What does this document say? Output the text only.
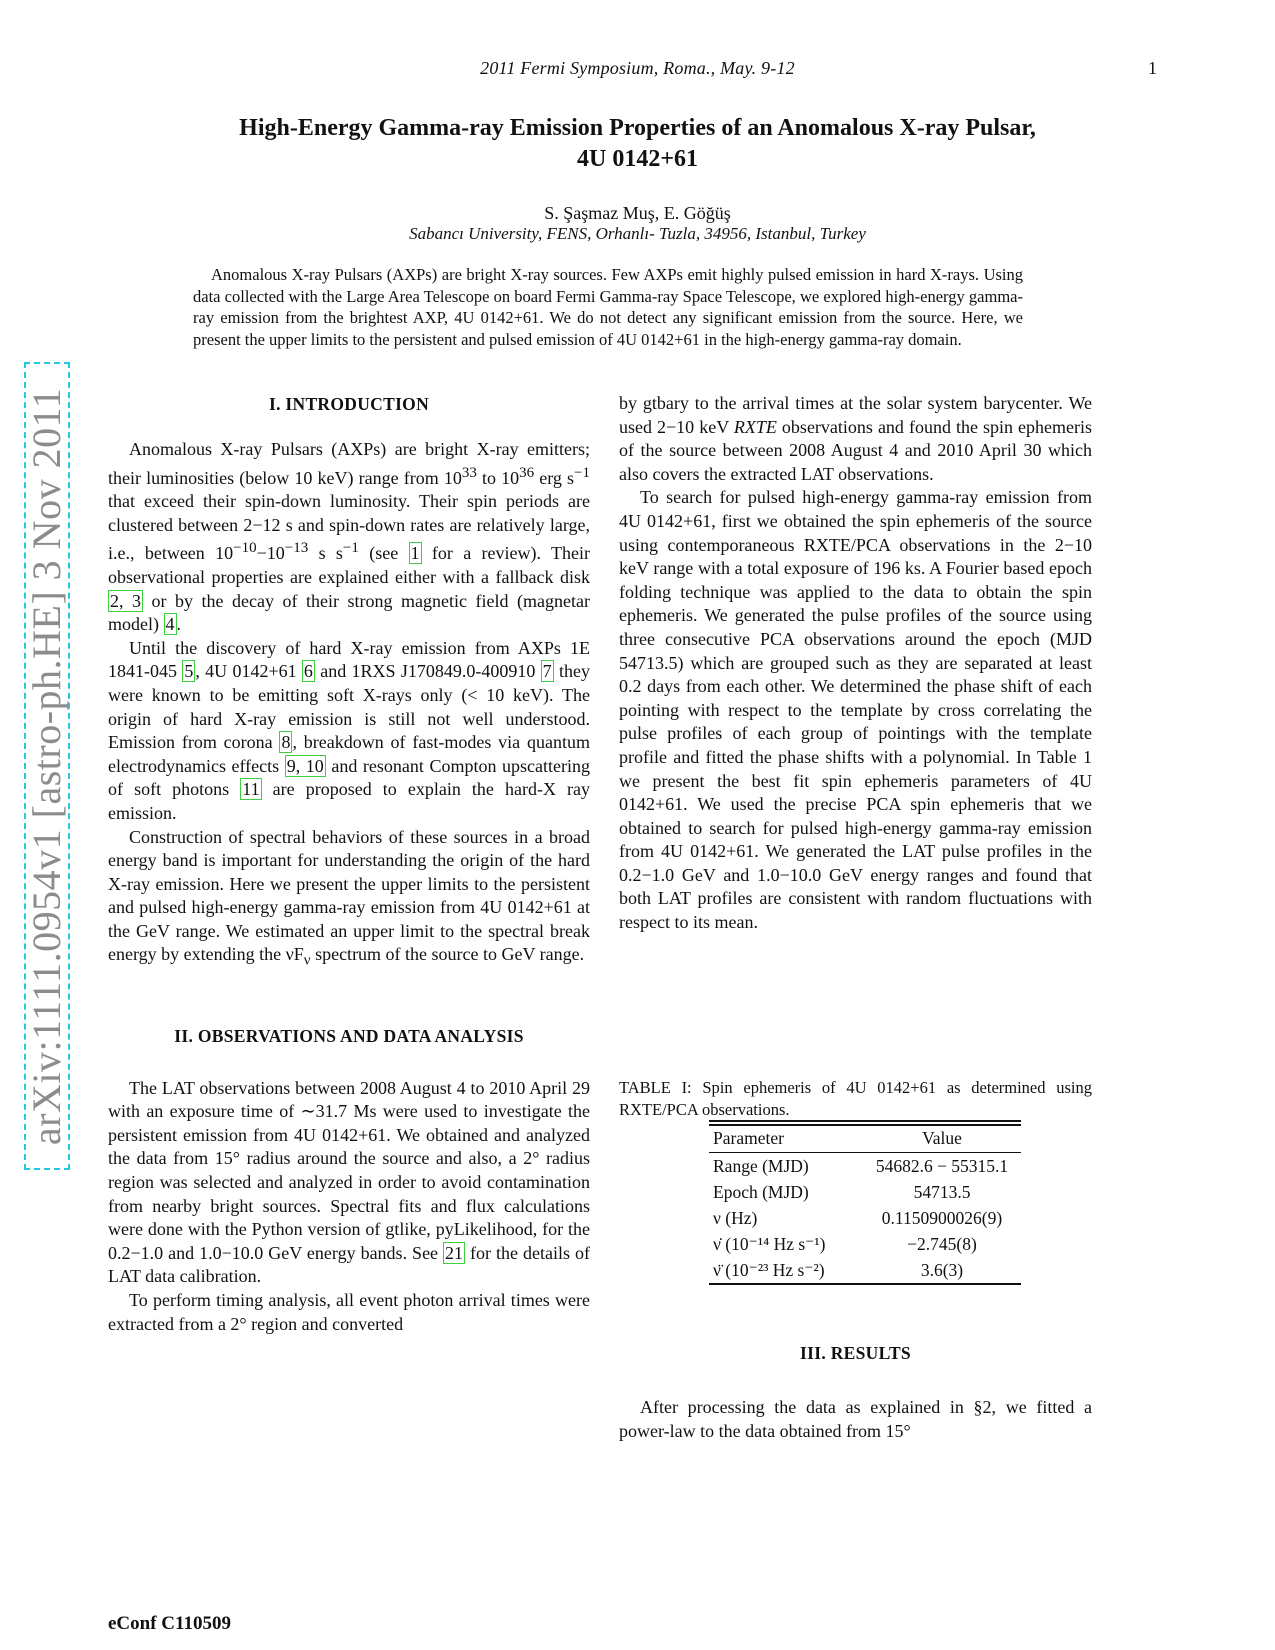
2011 Fermi Symposium, Roma., May. 9-12	1
arXiv:1111.0954v1 [astro-ph.HE] 3 Nov 2011
High-Energy Gamma-ray Emission Properties of an Anomalous X-ray Pulsar,
4U 0142+61
S. Şaşmaz Muş, E. Göğüş
Sabancı University, FENS, Orhanlı- Tuzla, 34956, Istanbul, Turkey
Anomalous X-ray Pulsars (AXPs) are bright X-ray sources. Few AXPs emit highly pulsed emission in hard X-rays. Using data collected with the Large Area Telescope on board Fermi Gamma-ray Space Telescope, we explored high-energy gamma-ray emission from the brightest AXP, 4U 0142+61. We do not detect any significant emission from the source. Here, we present the upper limits to the persistent and pulsed emission of 4U 0142+61 in the high-energy gamma-ray domain.
I. INTRODUCTION

Anomalous X-ray Pulsars (AXPs) are bright X-ray emitters; their luminosities (below 10 keV) range from $10^{33}$ to $10^{36}$ erg $s^{-1}$ that exceed their spin-down luminosity. Their spin periods are clustered between 2−12 s and spin-down rates are relatively large, i.e., between $10^{-10}-10^{-13}$ s $s^{-1}$ (see 1 for a review). Their observational properties are explained either with a fallback disk 2, 3 or by the decay of their strong magnetic field (magnetar model) 4 .

Until the discovery of hard X-ray emission from AXPs 1E 1841-045 5 , 4U 0142+61 6 and 1RXS J170849.0-400910 7 they were known to be emitting soft X-rays only (< 10 keV). The origin of hard X-ray emission is still not well understood. Emission from corona 8 , breakdown of fast-modes via quantum electrodynamics effects 9, 10 and resonant Compton upscattering of soft photons 11 are proposed to explain the hard-X ray emission.

Construction of spectral behaviors of these sources in a broad energy band is important for understanding the origin of the hard X-ray emission. Here we present the upper limits to the persistent and pulsed high-energy gamma-ray emission from 4U 0142+61 at the GeV range. We estimated an upper limit to the spectral break energy by extending the $\nu F_\nu$ spectrum of the source to GeV range.

II. OBSERVATIONS AND DATA ANALYSIS

The LAT observations between 2008 August 4 to 2010 April 29 with an exposure time of ∼31.7 Ms were used to investigate the persistent emission from 4U 0142+61. We obtained and analyzed the data from 15° radius around the source and also, a 2° radius region was selected and analyzed in order to avoid contamination from nearby bright sources. Spectral fits and flux calculations were done with the Python version of gtlike, pyLikelihood, for the 0.2−1.0 and 1.0−10.0 GeV energy bands. See 21 for the details of LAT data calibration.

To perform timing analysis, all event photon arrival times were extracted from a 2° region and converted

by gtbary to the arrival times at the solar system barycenter. We used 2−10 keV RXTE observations and found the spin ephemeris of the source between 2008 August 4 and 2010 April 30 which also covers the extracted LAT observations.

To search for pulsed high-energy gamma-ray emission from 4U 0142+61, first we obtained the spin ephemeris of the source using contemporaneous RXTE/PCA observations in the 2−10 keV range with a total exposure of 196 ks. A Fourier based epoch folding technique was applied to the data to obtain the spin ephemeris. We generated the pulse profiles of the source using three consecutive PCA observations around the epoch (MJD 54713.5) which are grouped such as they are separated at least 0.2 days from each other. We determined the phase shift of each pointing with respect to the template by cross correlating the pulse profiles of each group of pointings with the template profile and fitted the phase shifts with a polynomial. In Table 1 we present the best fit spin ephemeris parameters of 4U 0142+61. We used the precise PCA spin ephemeris that we obtained to search for pulsed high-energy gamma-ray emission from 4U 0142+61. We generated the LAT pulse profiles in the 0.2−1.0 GeV and 1.0−10.0 GeV energy ranges and found that both LAT profiles are consistent with random fluctuations with respect to its mean.

TABLE I: Spin ephemeris of 4U 0142+61 as determined using RXTE/PCA observations.
Parameter	Value
Range (MJD)	54682.6 − 55315.1
Epoch (MJD)	54713.5
ν (Hz)	0.1150900026(9)
ν̇ (10⁻¹⁴ Hz s⁻¹)	−2.745(8)
ν̈ (10⁻²³ Hz s⁻²)	3.6(3)
III. RESULTS

After processing the data as explained in §2, we fitted a power-law to the data obtained from 15°

eConf C110509
